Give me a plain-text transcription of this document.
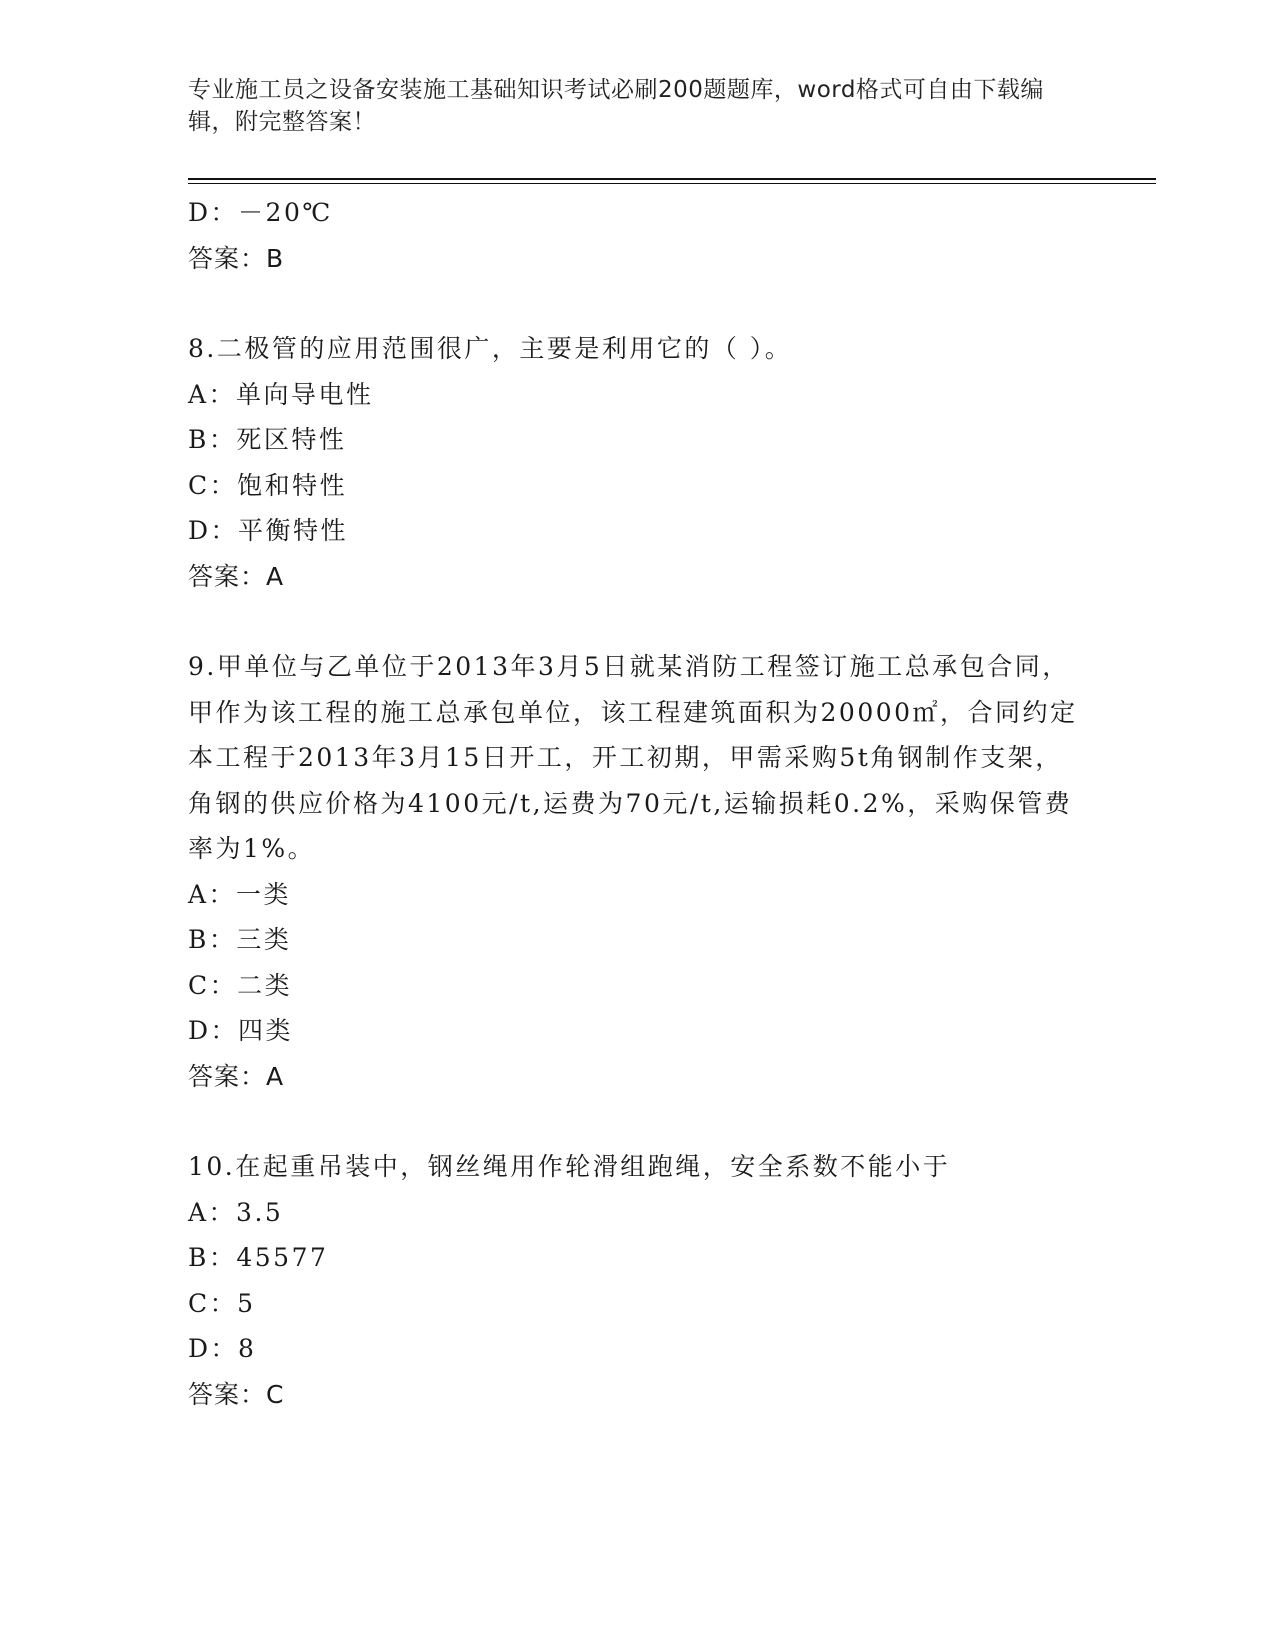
专业施工员之设备安装施工基础知识考试必刷200题题库，word格式可自由下载编辑，附完整答案！
D：－20℃
答案：B
8.二极管的应用范围很广，主要是利用它的（ ）。
A：单向导电性
B：死区特性
C：饱和特性
D：平衡特性
答案：A
9.甲单位与乙单位于2013年3月5日就某消防工程签订施工总承包合同，甲作为该工程的施工总承包单位，该工程建筑面积为20000㎡，合同约定本工程于2013年3月15日开工，开工初期，甲需采购5t角钢制作支架，角钢的供应价格为4100元/t,运费为70元/t,运输损耗0.2%，采购保管费率为1%。
A：一类
B：三类
C：二类
D：四类
答案：A
10.在起重吊装中，钢丝绳用作轮滑组跑绳，安全系数不能小于
A：3.5
B：45577
C：5
D：8
答案：C
